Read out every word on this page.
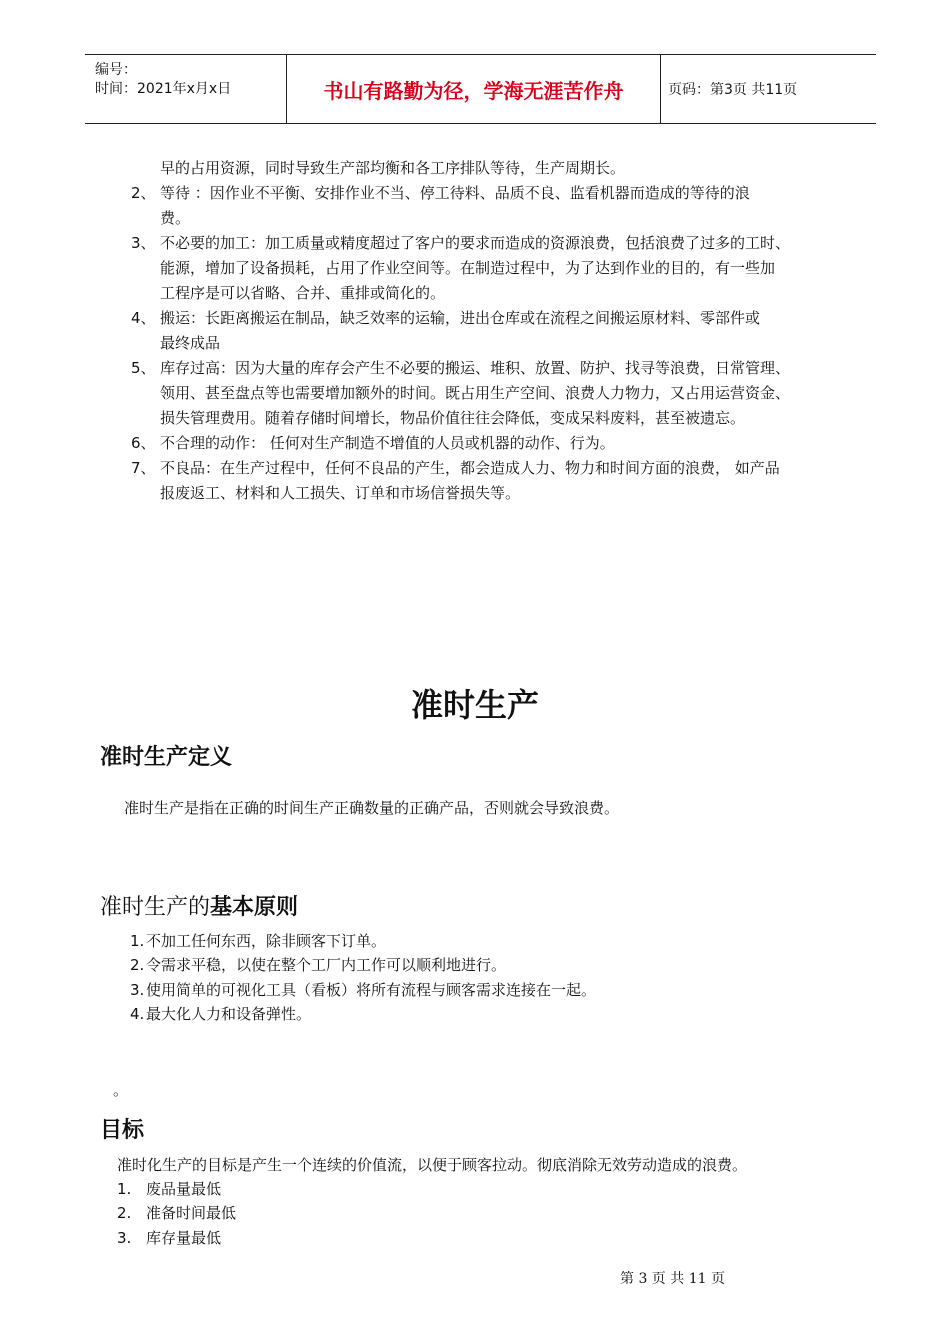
编号：
时间：2021年x月x日	书山有路勤为径，学海无涯苦作舟	页码：第3页 共11页
早的占用资源，同时导致生产部均衡和各工序排队等待，生产周期长。
2、 等待 ：因作业不平衡、安排作业不当、停工待料、品质不良、监看机器而造成的等待的浪
费。
3、 不必要的加工：加工质量或精度超过了客户的要求而造成的资源浪费，包括浪费了过多的工时、
能源，增加了设备损耗，占用了作业空间等。在制造过程中，为了达到作业的目的，有一些加
工程序是可以省略、合并、重排或简化的。
4、 搬运：长距离搬运在制品，缺乏效率的运输，进出仓库或在流程之间搬运原材料、零部件或
最终成品
5、 库存过高：因为大量的库存会产生不必要的搬运、堆积、放置、防护、找寻等浪费，日常管理、
领用、甚至盘点等也需要增加额外的时间。既占用生产空间、浪费人力物力，又占用运营资金、
损失管理费用。随着存储时间增长，物品价值往往会降低，变成呆料废料，甚至被遗忘。
6、 不合理的动作： 任何对生产制造不增值的人员或机器的动作、行为。
7、 不良品：在生产过程中，任何不良品的产生，都会造成人力、物力和时间方面的浪费， 如产品
报废返工、材料和人工损失、订单和市场信誉损失等。
准时生产
准时生产定义
准时生产是指在正确的时间生产正确数量的正确产品，否则就会导致浪费。
准时生产的基本原则
1. 不加工任何东西，除非顾客下订单。
2. 令需求平稳，以使在整个工厂内工作可以顺利地进行。
3. 使用简单的可视化工具（看板）将所有流程与顾客需求连接在一起。
4. 最大化人力和设备弹性。
。
目标
准时化生产的目标是产生一个连续的价值流，以便于顾客拉动。彻底消除无效劳动造成的浪费。
1. 废品量最低
2. 准备时间最低
3. 库存量最低
第 3 页 共 11 页
